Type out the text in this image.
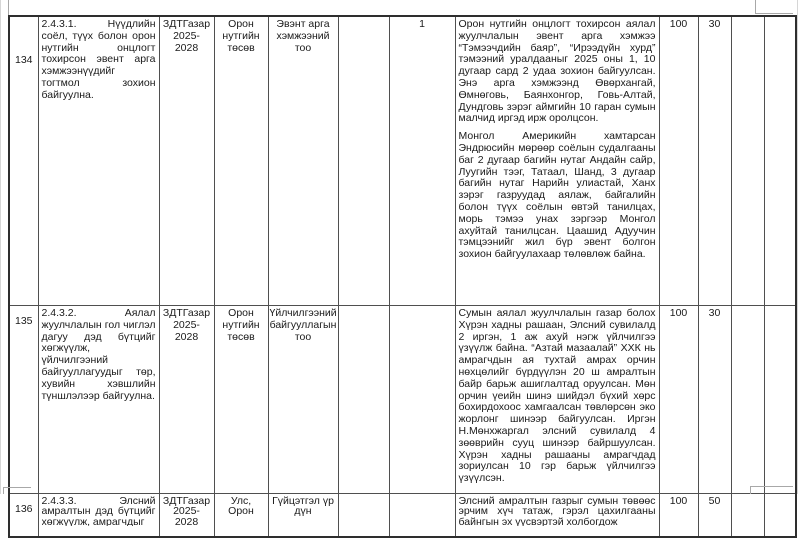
134	2.4.3.1. Нүүдлийн соёл, түүх болон орон нутгийн онцлогт тохирсон эвент арга хэмжээнүүдийг тогтмол зохион байгуулна.	ЗДТГазар 2025-2028	Орон нутгийн төсөв	Эвэнт арга хэмжээний тоо		1	Орон нутгийн онцлогт тохирсон аялал жуулчлалын эвент арга хэмжээ “Тэмээчдийн баяр”, “Ирээдүйн хурд” тэмээний уралдааныг 2025 оны 1, 10 дугаар сард 2 удаа зохион байгуулсан. Энэ арга хэмжээнд Өвөрхангай, Өмнөговь, Баянхонгор, Говь-Алтай, Дундговь зэрэг аймгийн 10 гаран сумын малчид иргэд ирж оролцсон.

Монгол Америкийн хамтарсан Эндрюсийн мөрөөр соёлын судалгааны баг 2 дугаар багийн нутаг Андайн сайр, Луугийн тээг, Татаал, Шанд, 3 дугаар багийн нутаг Нарийн улиастай, Ханх зэрэг газруудад аялаж, байгалийн болон түүх соёлын өвтэй танилцах, морь тэмээ унах зэргээр Монгол ахуйтай танилцсан. Цаашид Адуучин тэмцээнийг жил бүр эвент болгон зохион байгуулахаар төлөвлөж байна.	100	30		
135	2.4.3.2. Аялал жуулчлалын гол чиглэл дагуу дэд бүтцийг хөгжүүлж, үйлчилгээний байгууллагуудыг төр, хувийн хэвшлийн түншлэлээр байгуулна.	ЗДТГазар 2025-2028	Орон нутгийн төсөв	Үйлчилгээний байгууллагын тоо			Сумын аялал жуулчлалын газар болох Хүрэн хадны рашаан, Элсний сувилалд 2 иргэн, 1 аж ахуй нэгж үйлчилгээ үзүүлж байна. “Азтай мазаалай” ХХК нь амрагчдын ая тухтай амрах орчин нөхцөлийг бүрдүүлэн 20 ш амралтын байр барьж ашиглалтад оруулсан. Мөн орчин үеийн шинэ шийдэл бүхий хөрс бохирдохоос хамгаалсан төвлөрсөн эко жорлонг шинээр байгуулсан. Иргэн Н.Мөнхжаргал элсний сувилалд 4 зөөврийн сууц шинээр байршуулсан. Хүрэн хадны рашааны амрагчдад зориулсан 10 гэр барьж үйлчилгээ үзүүлсэн.	100	30		
136	2.4.3.3. Элсний амралтын дэд бүтцийг хөгжүүлж, амрагчдыг	ЗДТГазар 2025-2028	Улс, Орон	Гүйцэтгэл үр дүн			Элсний амралтын газрыг сумын төвөөс эрчим хүч татаж, гэрэл цахилгааны байнгын эх үүсвэртэй холбогдож	100	50		
